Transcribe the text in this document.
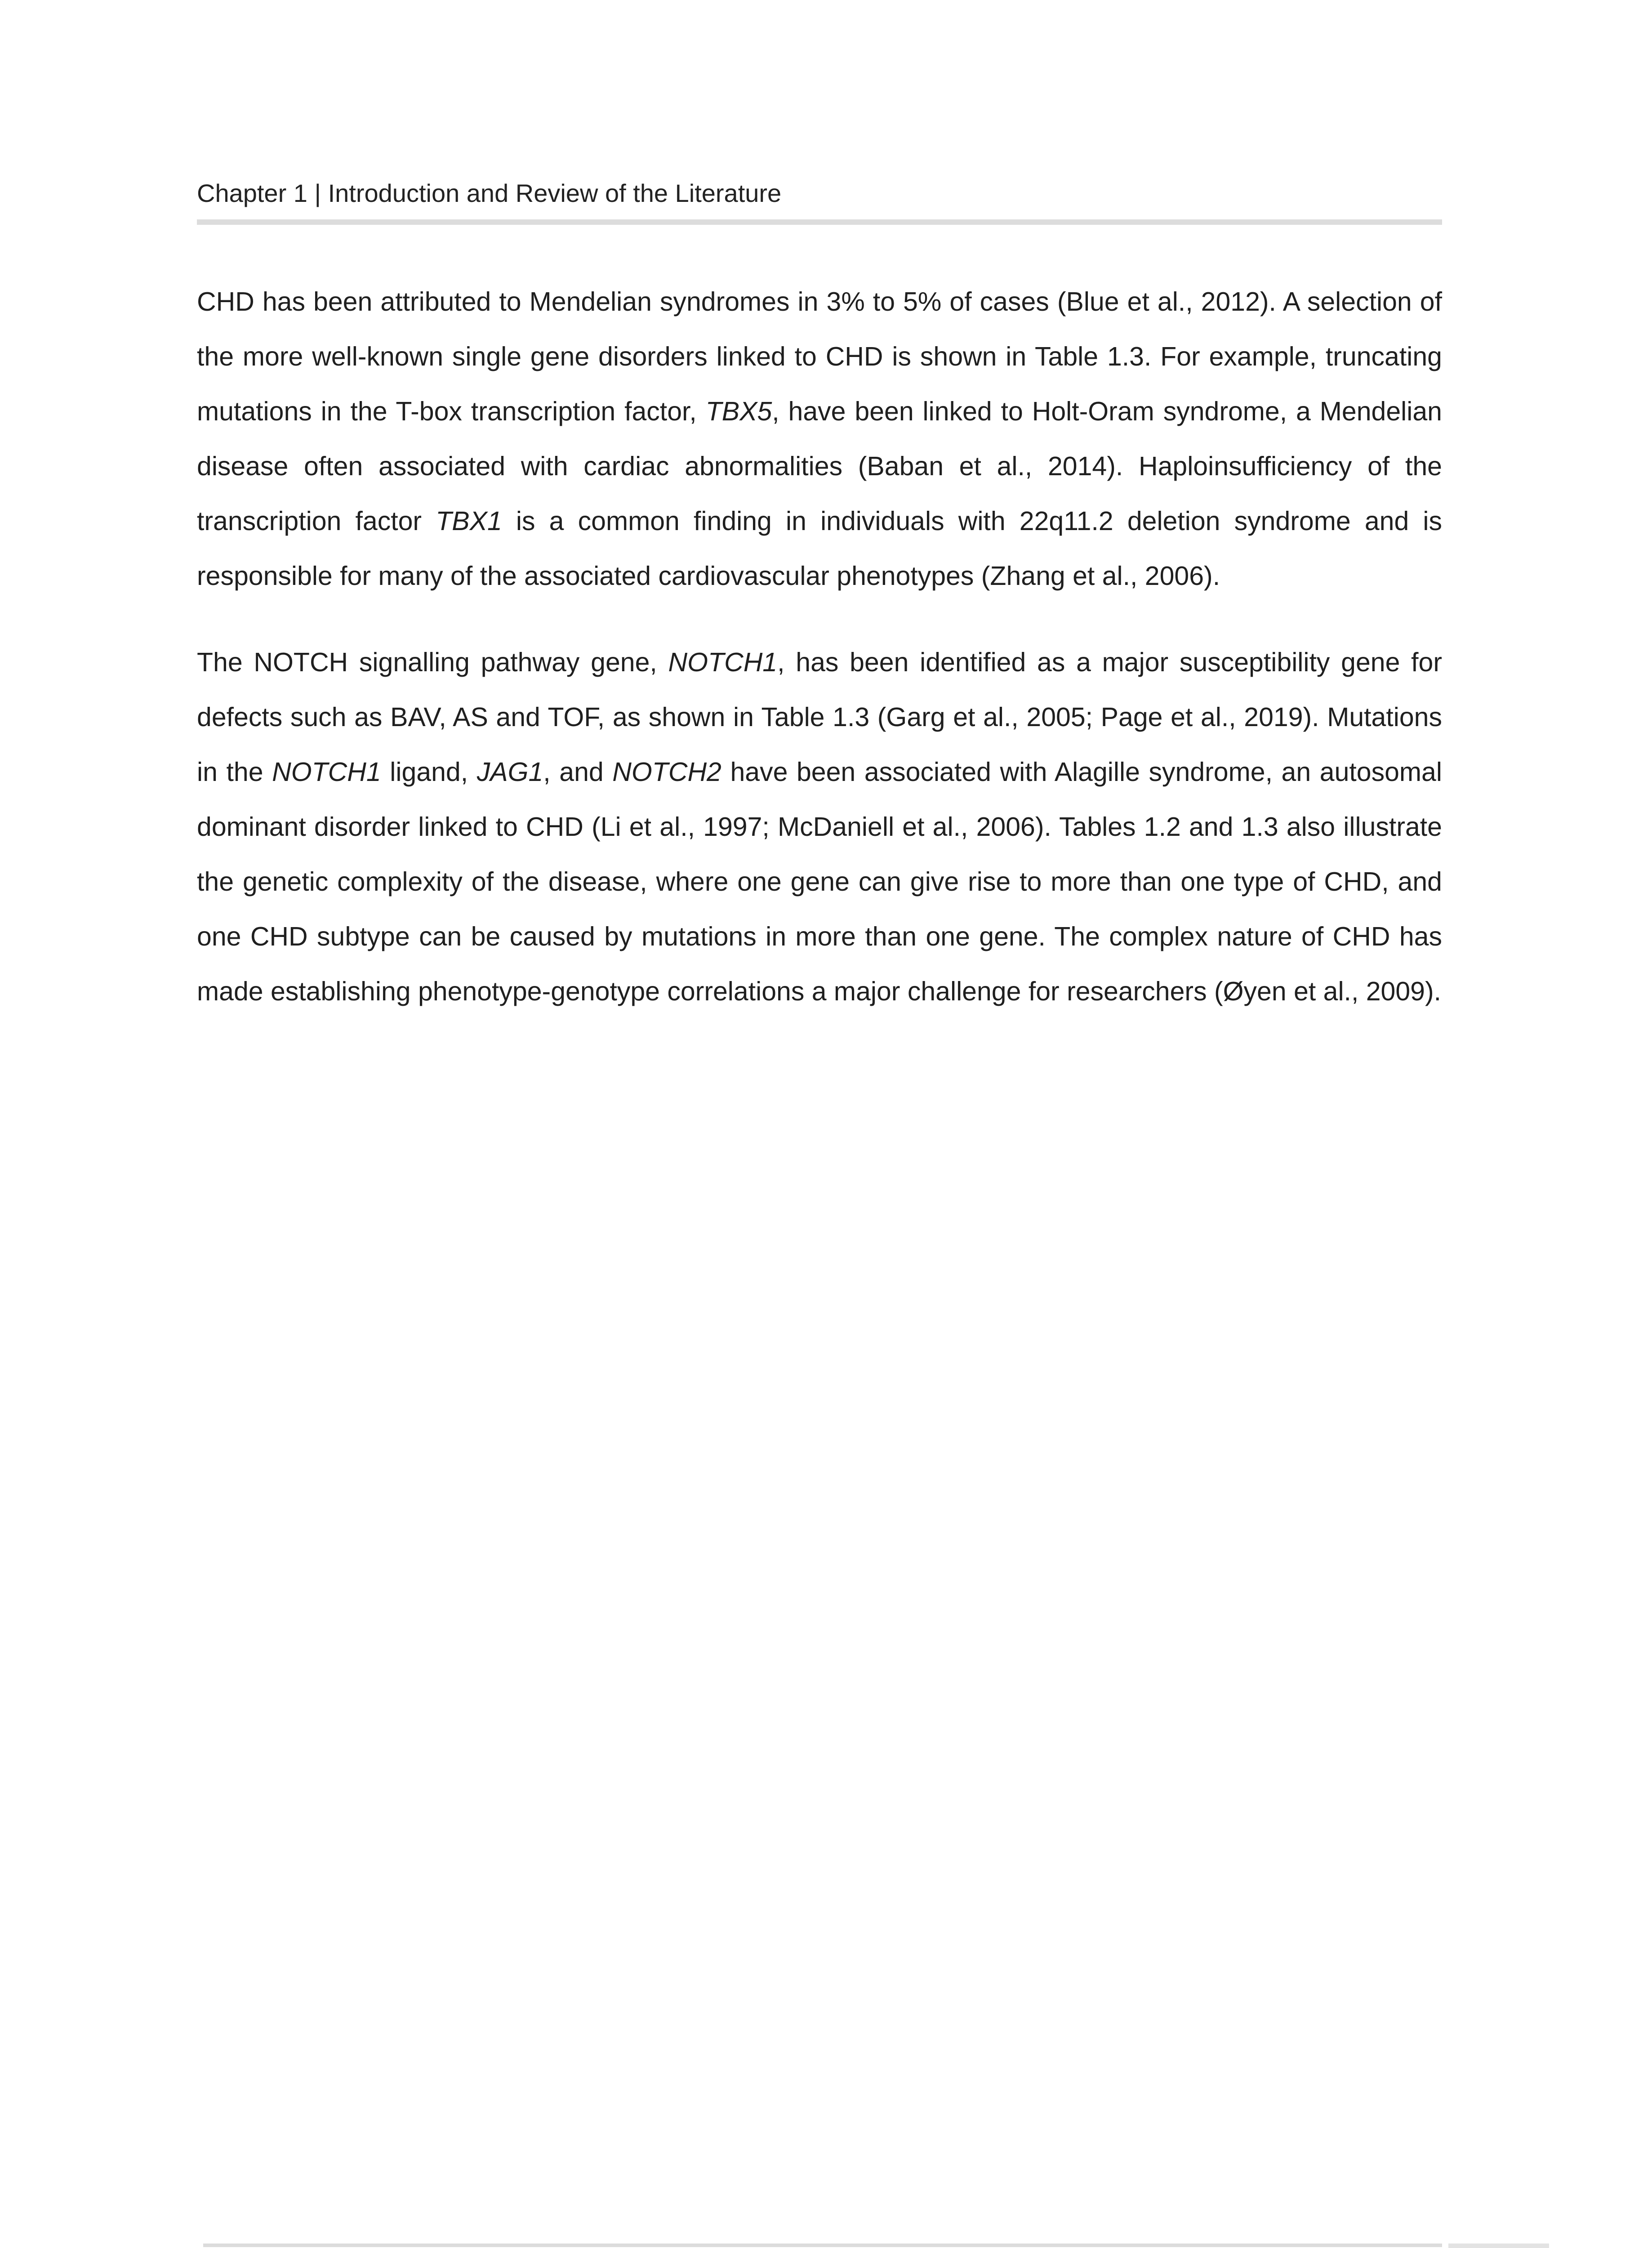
Chapter 1 | Introduction and Review of the Literature

CHD has been attributed to Mendelian syndromes in 3% to 5% of cases (Blue et al., 2012). A selection of the more well-known single gene disorders linked to CHD is shown in Table 1.3. For example, truncating mutations in the T-box transcription factor, TBX5, have been linked to Holt-Oram syndrome, a Mendelian disease often associated with cardiac abnormalities (Baban et al., 2014). Haploinsufficiency of the transcription factor TBX1 is a common finding in individuals with 22q11.2 deletion syndrome and is responsible for many of the associated cardiovascular phenotypes (Zhang et al., 2006).

The NOTCH signalling pathway gene, NOTCH1, has been identified as a major susceptibility gene for defects such as BAV, AS and TOF, as shown in Table 1.3 (Garg et al., 2005; Page et al., 2019). Mutations in the NOTCH1 ligand, JAG1, and NOTCH2 have been associated with Alagille syndrome, an autosomal dominant disorder linked to CHD (Li et al., 1997; McDaniell et al., 2006). Tables 1.2 and 1.3 also illustrate the genetic complexity of the disease, where one gene can give rise to more than one type of CHD, and one CHD subtype can be caused by mutations in more than one gene. The complex nature of CHD has made establishing phenotype-genotype correlations a major challenge for researchers (Øyen et al., 2009).
